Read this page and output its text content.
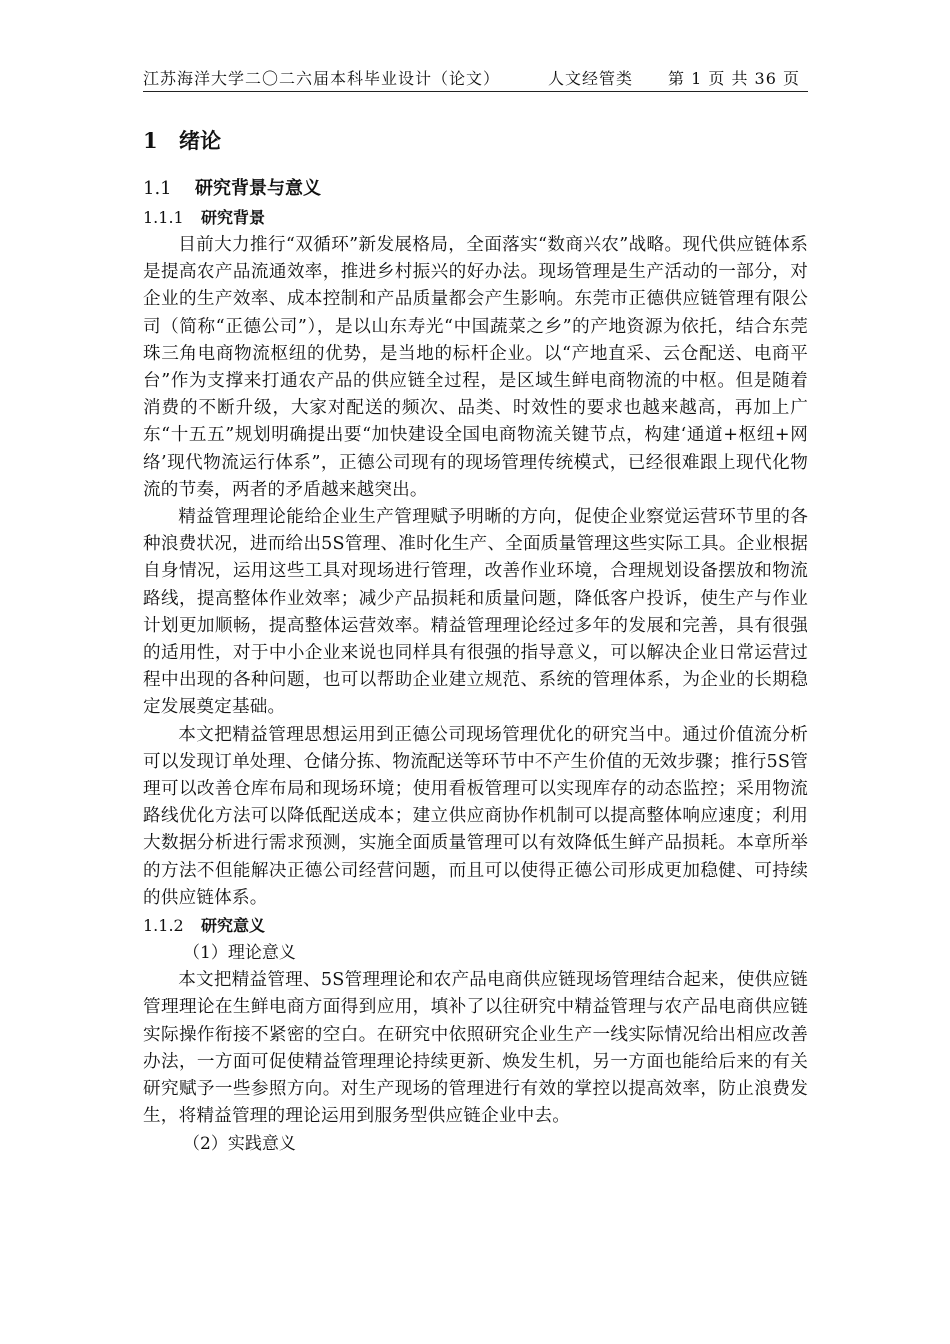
江苏海洋大学二〇二六届本科毕业设计（论文）	人文经管类 第 1 页 共 36 页
1 绪论
1.1 研究背景与意义
1.1.1 研究背景

目前大力推行“双循环”新发展格局，全面落实“数商兴农”战略。现代供应链体系是提高农产品流通效率，推进乡村振兴的好办法。现场管理是生产活动的一部分，对企业的生产效率、成本控制和产品质量都会产生影响。东莞市正德供应链管理有限公司（简称“正德公司”），是以山东寿光“中国蔬菜之乡”的产地资源为依托，结合东莞珠三角电商物流枢纽的优势，是当地的标杆企业。以“产地直采、云仓配送、电商平台”作为支撑来打通农产品的供应链全过程，是区域生鲜电商物流的中枢。但是随着消费的不断升级，大家对配送的频次、品类、时效性的要求也越来越高，再加上广东“十五五”规划明确提出要“加快建设全国电商物流关键节点，构建‘通道+枢纽+网络’现代物流运行体系”，正德公司现有的现场管理传统模式，已经很难跟上现代化物流的节奏，两者的矛盾越来越突出。

精益管理理论能给企业生产管理赋予明晰的方向，促使企业察觉运营环节里的各种浪费状况，进而给出5S管理、准时化生产、全面质量管理这些实际工具。企业根据自身情况，运用这些工具对现场进行管理，改善作业环境，合理规划设备摆放和物流路线，提高整体作业效率；减少产品损耗和质量问题，降低客户投诉，使生产与作业计划更加顺畅，提高整体运营效率。精益管理理论经过多年的发展和完善，具有很强的适用性，对于中小企业来说也同样具有很强的指导意义，可以解决企业日常运营过程中出现的各种问题，也可以帮助企业建立规范、系统的管理体系，为企业的长期稳定发展奠定基础。

本文把精益管理思想运用到正德公司现场管理优化的研究当中。通过价值流分析可以发现订单处理、仓储分拣、物流配送等环节中不产生价值的无效步骤；推行5S管理可以改善仓库布局和现场环境；使用看板管理可以实现库存的动态监控；采用物流路线优化方法可以降低配送成本；建立供应商协作机制可以提高整体响应速度；利用大数据分析进行需求预测，实施全面质量管理可以有效降低生鲜产品损耗。本章所举的方法不但能解决正德公司经营问题，而且可以使得正德公司形成更加稳健、可持续的供应链体系。

1.1.2 研究意义

（1）理论意义

本文把精益管理、5S管理理论和农产品电商供应链现场管理结合起来，使供应链管理理论在生鲜电商方面得到应用，填补了以往研究中精益管理与农产品电商供应链实际操作衔接不紧密的空白。在研究中依照研究企业生产一线实际情况给出相应改善办法，一方面可促使精益管理理论持续更新、焕发生机，另一方面也能给后来的有关研究赋予一些参照方向。对生产现场的管理进行有效的掌控以提高效率，防止浪费发生，将精益管理的理论运用到服务型供应链企业中去。

（2）实践意义
